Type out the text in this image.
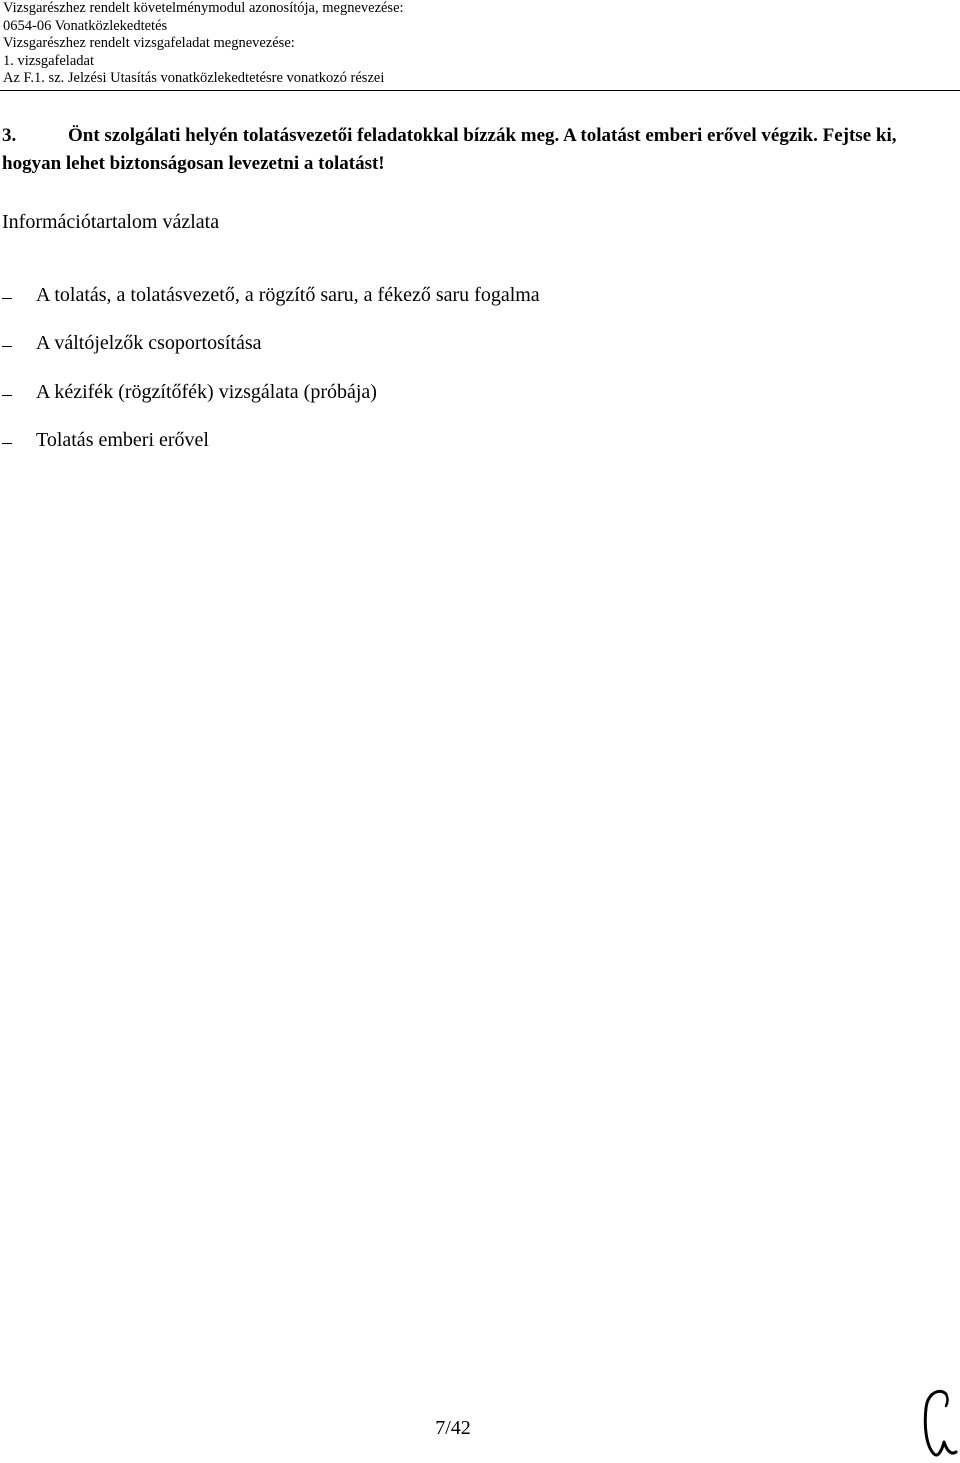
Vizsgarészhez rendelt követelménymodul azonosítója, megnevezése:
0654-06 Vonatközlekedtetés
Vizsgarészhez rendelt vizsgafeladat megnevezése:
1. vizsgafeladat
Az F.1. sz. Jelzési Utasítás vonatközlekedtetésre vonatkozó részei
3.	Önt szolgálati helyén tolatásvezetői feladatokkal bízzák meg. A tolatást emberi erővel végzik. Fejtse ki, hogyan lehet biztonságosan levezetni a tolatást!
Információtartalom vázlata
A tolatás, a tolatásvezető, a rögzítő saru, a fékező saru fogalma
A váltójelzők csoportosítása
A kézifék (rögzítőfék) vizsgálata (próbája)
Tolatás emberi erővel
7/42
